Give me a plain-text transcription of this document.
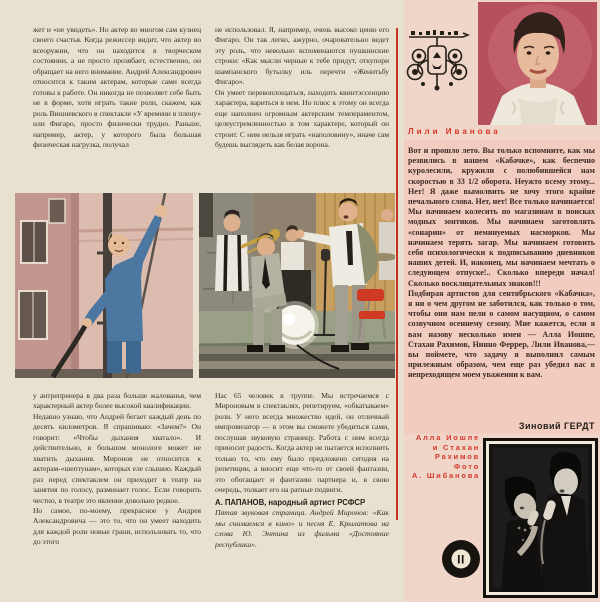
жет и «не увидеть». Но актер во многом сам кузнец своего счастья. Когда режиссер видит, что актер во всеоружии, что он находится в творческом состоянии, а не просто прозябает, естественно, он обращает на него внимание. Андрей Александрович относится к таким актерам, которые сами всегда готовы к работе. Он никогда не позволяет себе быть не в форме, хотя играть такие роли, скажем, как роль Вишневского в спектакле «У времени в плену» или Фигаро, просто физически трудно. Раньше, например, актер, у которого была большая физическая нагрузка, получал

не использовал. Я, например, очень высоко ценю его Фигаро. Он так легко, ажурно, очаровательно ведет эту роль, что невольно вспоминаются пушкинские строки: «Как мысли черные к тебе придут, откупори шампанского бутылку иль перечти «Женитьбу Фигаро».

Он умеет перевоплощаться, находить квинтэссенцию характера, вариться в нем. Но плюс к этому он всегда еще наполнен огромным актерским темпераментом, целеустремленностью в том характере, который он строит. С ним нельзя играть «наполовину», иначе сам будешь выглядеть как белая ворона.

у антрепренера в два раза больше жалованья, чем характерный актер более высокой квалификации.

Недавно узнаю, что Андрей бегает каждый день по десять километров. Я спрашиваю: «Зачем?» Он говорит: «Чтобы дыхания хватало». И действительно, в большом монологе может не хватить дыхания. Миронов не относится к актерам-«шептунам», которых еле слышно. Каждый раз перед спектаклем он приходит в театр на занятия по голосу, разминает голос. Если говорить честно, в театре это явление довольно редкое.

Но самое, по-моему, прекрасное у Андрея Александровича — это то, что он умеет находить для каждой роли новые грани, использовать то, что до этого

Нас 65 человек в труппе. Мы встречаемся с Мироновым в спектаклях, репетируем, «обкатываем» роли. У него всегда множество идей, он отличный импровизатор — в этом вы сможете убедиться сами, послушав звуковую страницу. Работа с ним всегда приносит радость. Когда актер не пытается исполнить только то, что ему было предложено сегодня на репетиции, а вносит еще что-то от своей фантазии, это обогащает и фантазию партнера и, в свою очередь, толкает его на ратные подвиги.

А. ПАПАНОВ, народный артист РСФСР

Пятая звуковая страница. Андрей Миронов: «Как мы снимаемся в кино» и песня Е. Крылатова на слова Ю. Энтина из фильма «Достояние республики».

Лили Иванова

Вот и прошло лето. Вы только вспомните, как мы резвились в нашем «Кабачке», как беспечно куролесили, кружили с полюбившейся нам скоростью в 33 1/2 оборота. Неужто всему этому... Нет! Я даже вымолвить не хочу этого крайне печального слова. Нет, нет! Все только начинается! Мы начинаем колесить по магазинам в поисках модных зонтиков. Мы начинаем заготовлять «сонарин» от неминуемых насморков. Мы начинаем терять загар. Мы начинаем готовить себя психологически к подписыванию дневников наших детей. И, наконец, мы начинаем мечтать о следующем отпуске!.. Сколько впереди начал! Сколько восклицательных знаков!!!

Подбирая артистов для сентябрьского «Кабачка», я ни о чем другом не заботился, как только о том, чтобы они нам пели о самом насущном, о самом созвучном осеннему сезону. Мне кажется, если я вам назову несколько имен — Алла Иошпе, Стахан Рахимов, Нинно Феррер, Лили Иванова,— вы поймете, что задачу я выполнил самым прилежным образом, чем еще раз убедил вас в непреходящем моем уважении к вам.

Зиновий ГЕРДТ
Алла Иошпе
и Стахан
Рахимов
Фото
А. Шибанова
II
